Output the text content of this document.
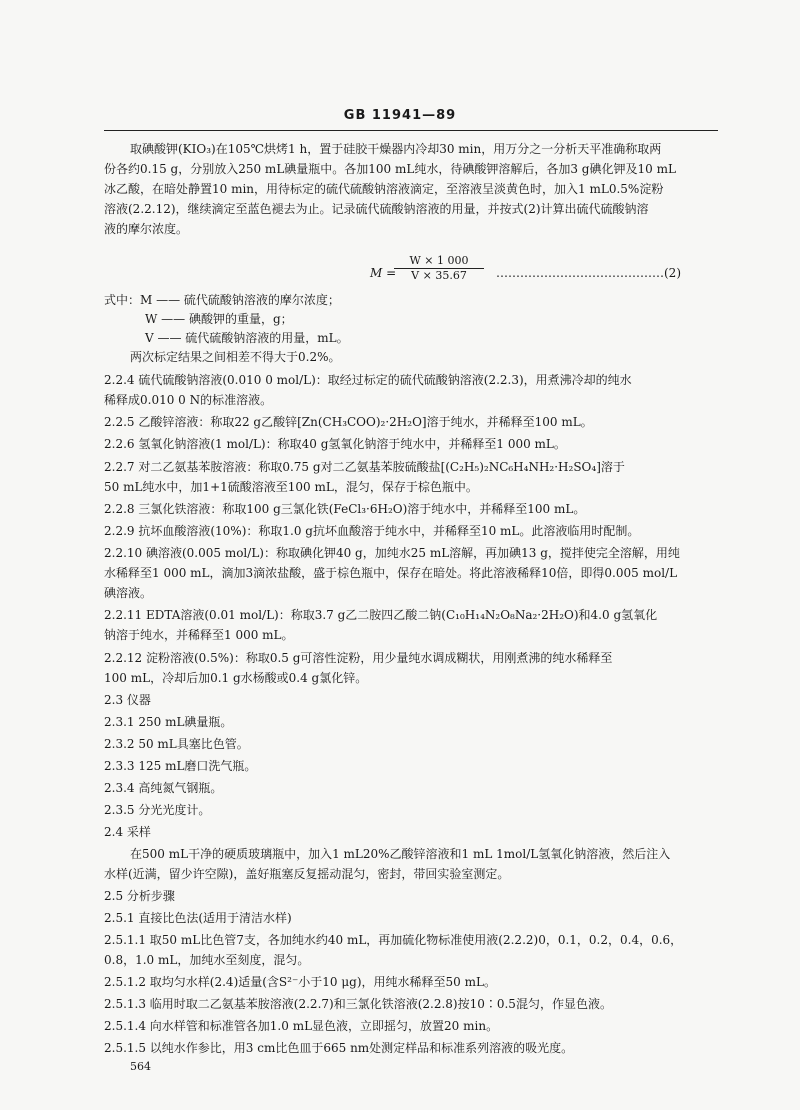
GB 11941—89
取碘酸钾(KIO₃)在105℃烘烤1 h，置于硅胶干燥器内冷却30 min，用万分之一分析天平准确称取两
份各约0.15 g，分别放入250 mL碘量瓶中。各加100 mL纯水，待碘酸钾溶解后，各加3 g碘化钾及10 mL
冰乙酸，在暗处静置10 min，用待标定的硫代硫酸钠溶液滴定，至溶液呈淡黄色时，加入1 mL0.5%淀粉
溶液(2.2.12)，继续滴定至蓝色褪去为止。记录硫代硫酸钠溶液的用量，并按式(2)计算出硫代硫酸钠溶
液的摩尔浓度。
式中：M —— 硫代硫酸钠溶液的摩尔浓度；
W —— 碘酸钾的重量，g；
V —— 硫代硫酸钠溶液的用量，mL。
两次标定结果之间相差不得大于0.2%。
2.2.4 硫代硫酸钠溶液(0.010 0 mol/L)：取经过标定的硫代硫酸钠溶液(2.2.3)，用煮沸冷却的纯水
稀释成0.010 0 N的标准溶液。
2.2.5 乙酸锌溶液：称取22 g乙酸锌[Zn(CH₃COO)₂·2H₂O]溶于纯水，并稀释至100 mL。
2.2.6 氢氧化钠溶液(1 mol/L)：称取40 g氢氧化钠溶于纯水中，并稀释至1 000 mL。
2.2.7 对二乙氨基苯胺溶液：称取0.75 g对二乙氨基苯胺硫酸盐[(C₂H₅)₂NC₆H₄NH₂·H₂SO₄]溶于
50 mL纯水中，加1+1硫酸溶液至100 mL，混匀，保存于棕色瓶中。
2.2.8 三氯化铁溶液：称取100 g三氯化铁(FeCl₃·6H₂O)溶于纯水中，并稀释至100 mL。
2.2.9 抗坏血酸溶液(10%)：称取1.0 g抗坏血酸溶于纯水中，并稀释至10 mL。此溶液临用时配制。
2.2.10 碘溶液(0.005 mol/L)：称取碘化钾40 g，加纯水25 mL溶解，再加碘13 g，搅拌使完全溶解，用纯
水稀释至1 000 mL，滴加3滴浓盐酸，盛于棕色瓶中，保存在暗处。将此溶液稀释10倍，即得0.005 mol/L
碘溶液。
2.2.11 EDTA溶液(0.01 mol/L)：称取3.7 g乙二胺四乙酸二钠(C₁₀H₁₄N₂O₈Na₂·2H₂O)和4.0 g氢氧化
钠溶于纯水，并稀释至1 000 mL。
2.2.12 淀粉溶液(0.5%)：称取0.5 g可溶性淀粉，用少量纯水调成糊状，用刚煮沸的纯水稀释至
100 mL，冷却后加0.1 g水杨酸或0.4 g氯化锌。
2.3 仪器
2.3.1 250 mL碘量瓶。
2.3.2 50 mL具塞比色管。
2.3.3 125 mL磨口洗气瓶。
2.3.4 高纯氮气钢瓶。
2.3.5 分光光度计。
2.4 采样
在500 mL干净的硬质玻璃瓶中，加入1 mL20%乙酸锌溶液和1 mL 1mol/L氢氧化钠溶液，然后注入
水样(近满，留少许空隙)，盖好瓶塞反复摇动混匀，密封，带回实验室测定。
2.5 分析步骤
2.5.1 直接比色法(适用于清洁水样)
2.5.1.1 取50 mL比色管7支，各加纯水约40 mL，再加硫化物标准使用液(2.2.2)0，0.1，0.2，0.4，0.6，
0.8，1.0 mL，加纯水至刻度，混匀。
2.5.1.2 取均匀水样(2.4)适量(含S²⁻小于10 μg)，用纯水稀释至50 mL。
2.5.1.3 临用时取二乙氨基苯胺溶液(2.2.7)和三氯化铁溶液(2.2.8)按10∶0.5混匀，作显色液。
2.5.1.4 向水样管和标准管各加1.0 mL显色液，立即摇匀，放置20 min。
2.5.1.5 以纯水作参比，用3 cm比色皿于665 nm处测定样品和标准系列溶液的吸光度。
M =
$\frac{W \times 1 000}{V \times 35.67}$ ……………………………………(2)
564
